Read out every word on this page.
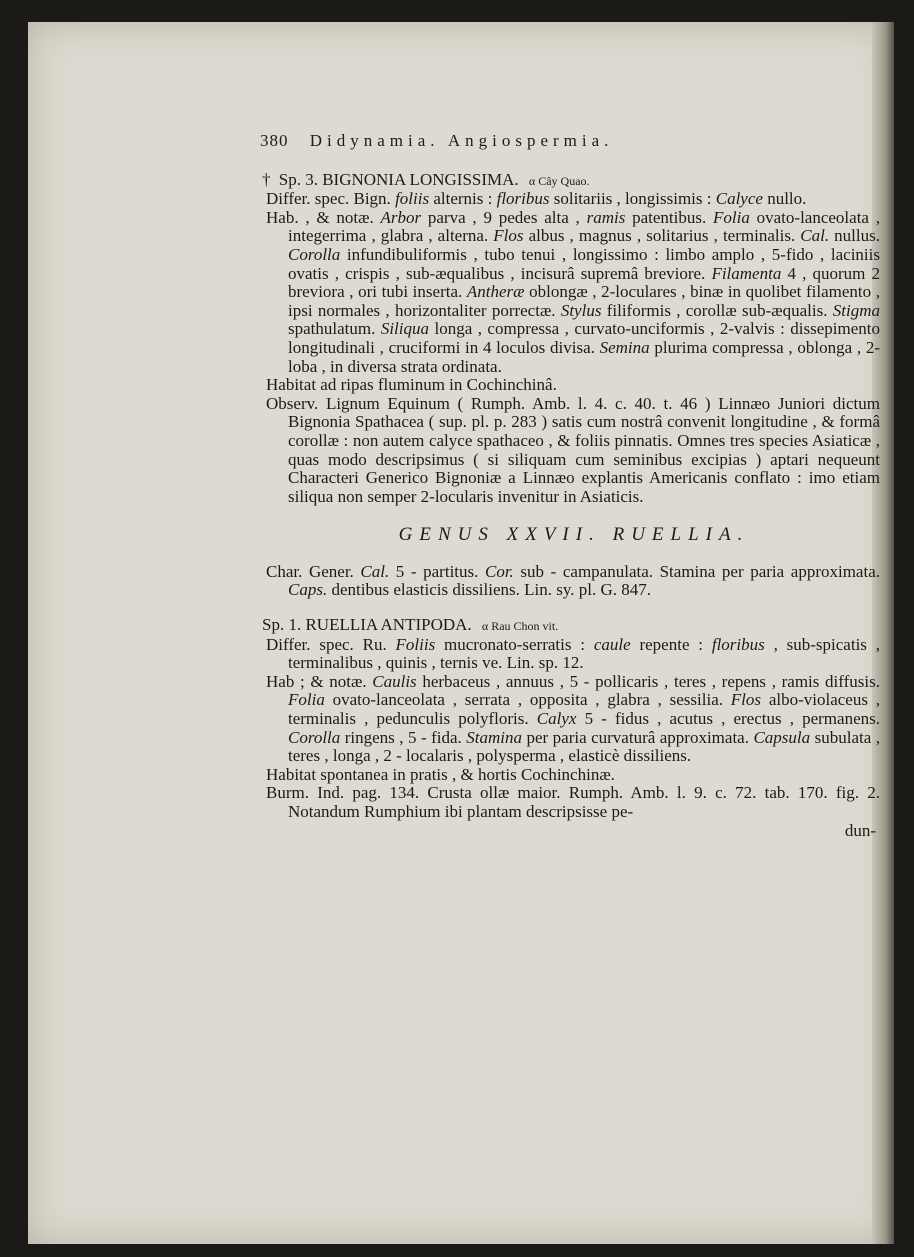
380 Didynamia. Angiospermia.
† Sp. 3. BIGNONIA LONGISSIMA. α Cây Quao.

Differ. spec. Bign. foliis alternis : floribus solitariis , longissimis : Calyce nullo.

Hab. , & notæ. Arbor parva , 9 pedes alta , ramis patentibus. Folia ovato-lanceolata , integerrima , glabra , alterna. Flos albus , magnus , solitarius , terminalis. Cal. nullus. Corolla infundibuliformis , tubo tenui , longissimo : limbo amplo , 5-fido , laciniis ovatis , crispis , sub-æqualibus , incisurâ supremâ breviore. Filamenta 4 , quorum 2 breviora , ori tubi inserta. Antheræ oblongæ , 2-loculares , binæ in quolibet filamento , ipsi normales , horizontaliter porrectæ. Stylus filiformis , corollæ sub-æqualis. Stigma spathulatum. Siliqua longa , compressa , curvato-unciformis , 2-valvis : dissepimento longitudinali , cruciformi in 4 loculos divisa. Semina plurima compressa , oblonga , 2-loba , in diversa strata ordinata.

Habitat ad ripas fluminum in Cochinchinâ.

Observ. Lignum Equinum ( Rumph. Amb. l. 4. c. 40. t. 46 ) Linnæo Juniori dictum Bignonia Spathacea ( sup. pl. p. 283 ) satis cum nostrâ convenit longitudine , & formâ corollæ : non autem calyce spathaceo , & foliis pinnatis. Omnes tres species Asiaticæ , quas modo descripsimus ( si siliquam cum seminibus excipias ) aptari nequeunt Characteri Generico Bignoniæ a Linnæo explantis Americanis conflato : imo etiam siliqua non semper 2-locularis invenitur in Asiaticis.

GENUS XXVII. RUELLIA.

Char. Gener. Cal. 5 - partitus. Cor. sub - campanulata. Stamina per paria approximata. Caps. dentibus elasticis dissiliens. Lin. sy. pl. G. 847.

Sp. 1. RUELLIA ANTIPODA. α Rau Chon vit.

Differ. spec. Ru. Foliis mucronato-serratis : caule repente : floribus , sub-spicatis , terminalibus , quinis , ternis ve. Lin. sp. 12.

Hab ; & notæ. Caulis herbaceus , annuus , 5 - pollicaris , teres , repens , ramis diffusis. Folia ovato-lanceolata , serrata , opposita , glabra , sessilia. Flos albo-violaceus , terminalis , pedunculis polyfloris. Calyx 5 - fidus , acutus , erectus , permanens. Corolla ringens , 5 - fida. Stamina per paria curvaturâ approximata. Capsula subulata , teres , longa , 2 - localaris , polysperma , elasticè dissiliens.

Habitat spontanea in pratis , & hortis Cochinchinæ.

Burm. Ind. pag. 134. Crusta ollæ maior. Rumph. Amb. l. 9. c. 72. tab. 170. fig. 2. Notandum Rumphium ibi plantam descripsisse pe-

dun-
